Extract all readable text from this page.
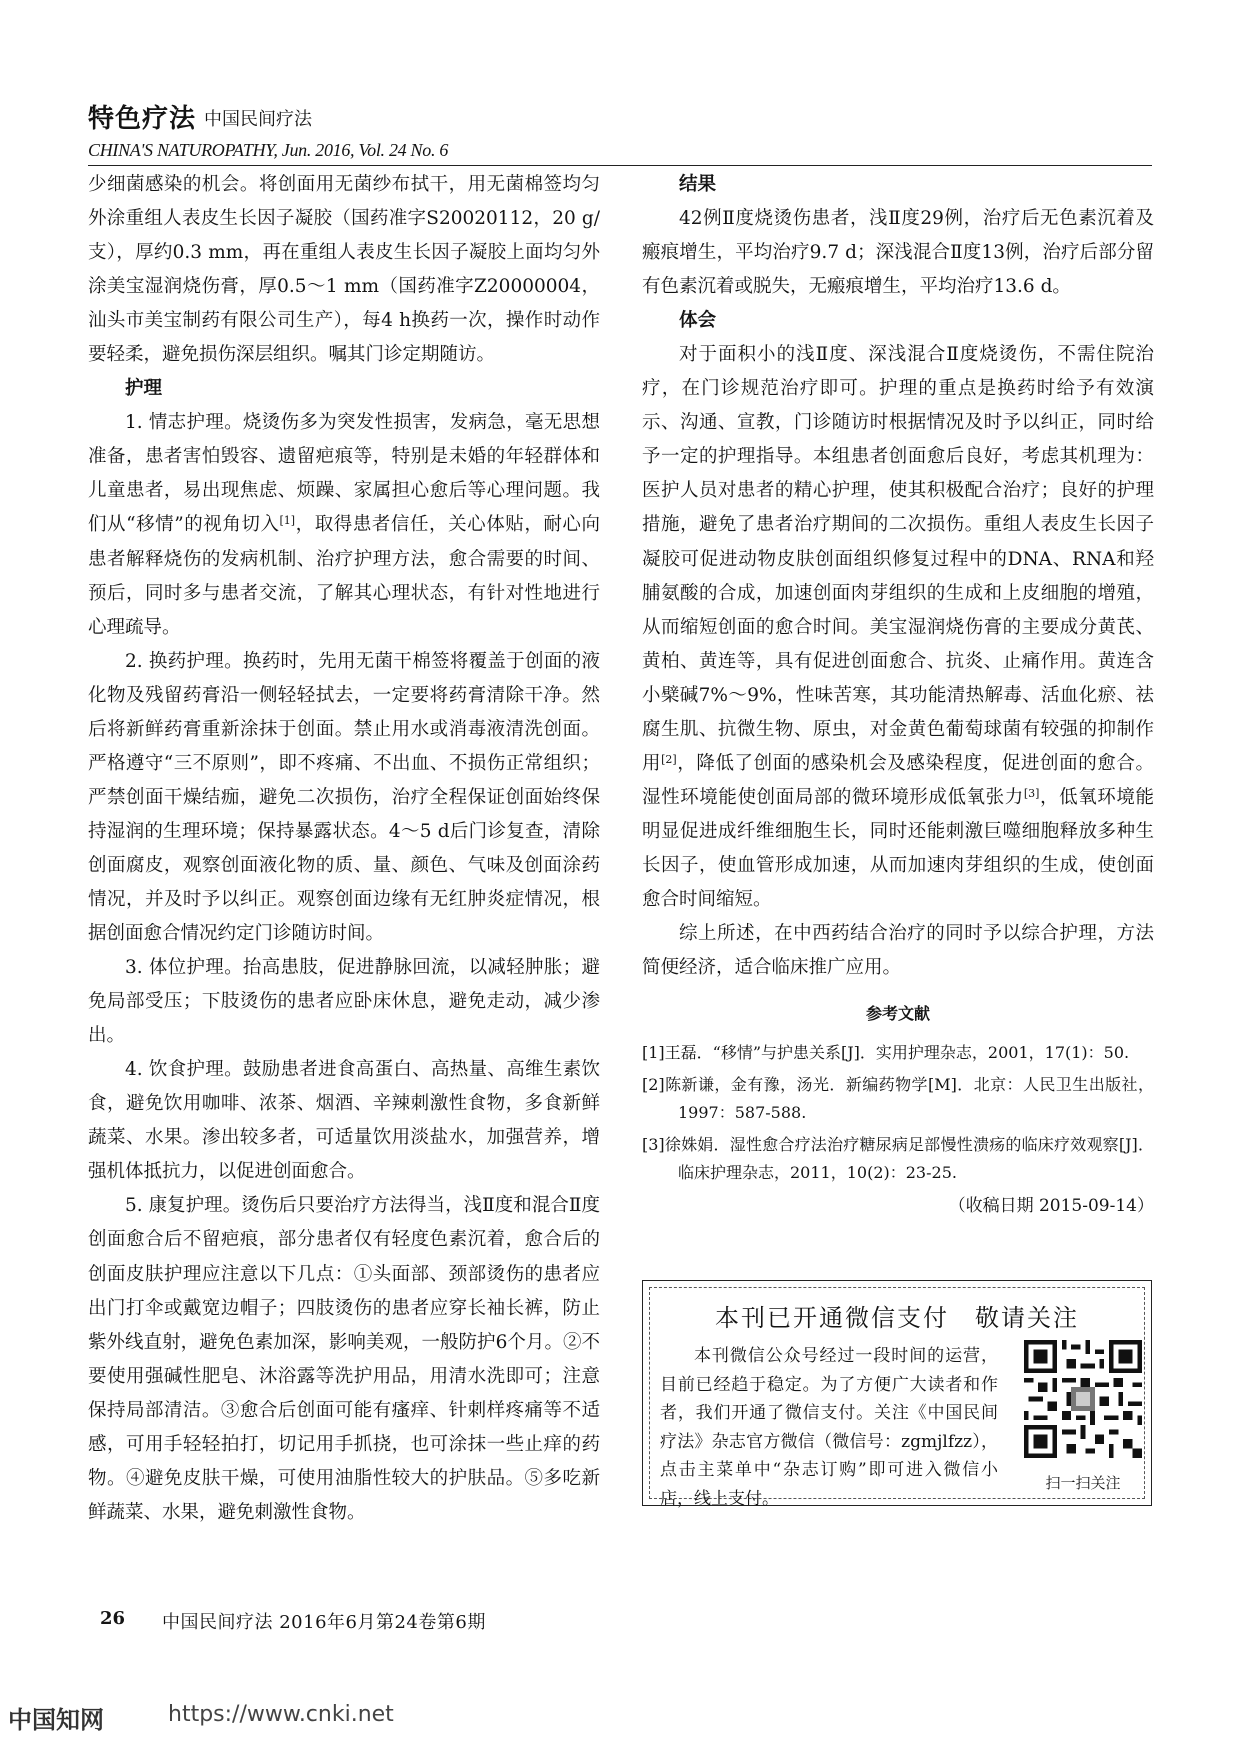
特色疗法 中国民间疗法
CHINA'S NATUROPATHY, Jun. 2016, Vol. 24 No. 6

少细菌感染的机会。将创面用无菌纱布拭干，用无菌棉签均匀外涂重组人表皮生长因子凝胶（国药准字S20020112，20 g/支），厚约0.3 mm，再在重组人表皮生长因子凝胶上面均匀外涂美宝湿润烧伤膏，厚0.5～1 mm（国药准字Z20000004，汕头市美宝制药有限公司生产），每4 h换药一次，操作时动作要轻柔，避免损伤深层组织。嘱其门诊定期随访。

护理

1. 情志护理。烧烫伤多为突发性损害，发病急，毫无思想准备，患者害怕毁容、遗留疤痕等，特别是未婚的年轻群体和儿童患者，易出现焦虑、烦躁、家属担心愈后等心理问题。我们从“移情”的视角切入[1]，取得患者信任，关心体贴，耐心向患者解释烧伤的发病机制、治疗护理方法，愈合需要的时间、预后，同时多与患者交流，了解其心理状态，有针对性地进行心理疏导。

2. 换药护理。换药时，先用无菌干棉签将覆盖于创面的液化物及残留药膏沿一侧轻轻拭去，一定要将药膏清除干净。然后将新鲜药膏重新涂抹于创面。禁止用水或消毒液清洗创面。严格遵守“三不原则”，即不疼痛、不出血、不损伤正常组织；严禁创面干燥结痂，避免二次损伤，治疗全程保证创面始终保持湿润的生理环境；保持暴露状态。4～5 d后门诊复查，清除创面腐皮，观察创面液化物的质、量、颜色、气味及创面涂药情况，并及时予以纠正。观察创面边缘有无红肿炎症情况，根据创面愈合情况约定门诊随访时间。

3. 体位护理。抬高患肢，促进静脉回流，以减轻肿胀；避免局部受压；下肢烫伤的患者应卧床休息，避免走动，减少渗出。

4. 饮食护理。鼓励患者进食高蛋白、高热量、高维生素饮食，避免饮用咖啡、浓茶、烟酒、辛辣刺激性食物，多食新鲜蔬菜、水果。渗出较多者，可适量饮用淡盐水，加强营养，增强机体抵抗力，以促进创面愈合。

5. 康复护理。烫伤后只要治疗方法得当，浅Ⅱ度和混合Ⅱ度创面愈合后不留疤痕，部分患者仅有轻度色素沉着，愈合后的创面皮肤护理应注意以下几点：①头面部、颈部烫伤的患者应出门打伞或戴宽边帽子；四肢烫伤的患者应穿长袖长裤，防止紫外线直射，避免色素加深，影响美观，一般防护6个月。②不要使用强碱性肥皂、沐浴露等洗护用品，用清水洗即可；注意保持局部清洁。③愈合后创面可能有瘙痒、针刺样疼痛等不适感，可用手轻轻拍打，切记用手抓挠，也可涂抹一些止痒的药物。④避免皮肤干燥，可使用油脂性较大的护肤品。⑤多吃新鲜蔬菜、水果，避免刺激性食物。

结果

42例Ⅱ度烧烫伤患者，浅Ⅱ度29例，治疗后无色素沉着及瘢痕增生，平均治疗9.7 d；深浅混合Ⅱ度13例，治疗后部分留有色素沉着或脱失，无瘢痕增生，平均治疗13.6 d。

体会

对于面积小的浅Ⅱ度、深浅混合Ⅱ度烧烫伤，不需住院治疗，在门诊规范治疗即可。护理的重点是换药时给予有效演示、沟通、宣教，门诊随访时根据情况及时予以纠正，同时给予一定的护理指导。本组患者创面愈后良好，考虑其机理为：医护人员对患者的精心护理，使其积极配合治疗；良好的护理措施，避免了患者治疗期间的二次损伤。重组人表皮生长因子凝胶可促进动物皮肤创面组织修复过程中的DNA、RNA和羟脯氨酸的合成，加速创面肉芽组织的生成和上皮细胞的增殖，从而缩短创面的愈合时间。美宝湿润烧伤膏的主要成分黄芪、黄柏、黄连等，具有促进创面愈合、抗炎、止痛作用。黄连含小檗碱7%～9%，性味苦寒，其功能清热解毒、活血化瘀、祛腐生肌、抗微生物、原虫，对金黄色葡萄球菌有较强的抑制作用[2]，降低了创面的感染机会及感染程度，促进创面的愈合。湿性环境能使创面局部的微环境形成低氧张力[3]，低氧环境能明显促进成纤维细胞生长，同时还能刺激巨噬细胞释放多种生长因子，使血管形成加速，从而加速肉芽组织的生成，使创面愈合时间缩短。

综上所述，在中西药结合治疗的同时予以综合护理，方法简便经济，适合临床推广应用。

参考文献

[1]王磊．“移情”与护患关系[J]．实用护理杂志，2001，17(1)：50.

[2]陈新谦，金有豫，汤光．新编药物学[M]．北京：人民卫生出版社，1997：587-588.

[3]徐姝娟．湿性愈合疗法治疗糖尿病足部慢性溃疡的临床疗效观察[J]．临床护理杂志，2011，10(2)：23-25.

（收稿日期 2015-09-14）

本刊已开通微信支付　敬请关注
本刊微信公众号经过一段时间的运营，目前已经趋于稳定。为了方便广大读者和作者，我们开通了微信支付。关注《中国民间疗法》杂志官方微信（微信号：zgmjlfzz），点击主菜单中“杂志订购”即可进入微信小店，线上支付。
扫一扫关注
26 中国民间疗法 2016年6月第24卷第6期
中国知网	https://www.cnki.net
